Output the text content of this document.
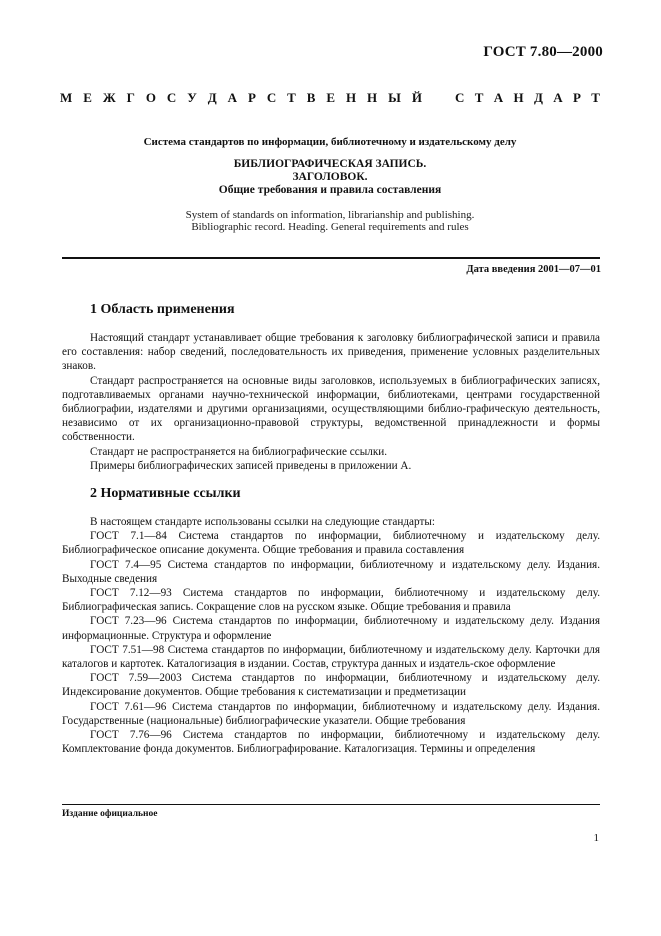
ГОСТ 7.80—2000
М Е Ж Г О С У Д А Р С Т В Е Н Н Ы Й	С Т А Н Д А Р Т
Система стандартов по информации, библиотечному и издательскому делу
БИБЛИОГРАФИЧЕСКАЯ ЗАПИСЬ.
ЗАГОЛОВОК.
Общие требования и правила составления
System of standards on information, librarianship and publishing.
Bibliographic record. Heading. General requirements and rules
Дата введения 2001—07—01
1 Область применения

Настоящий стандарт устанавливает общие требования к заголовку библиографической записи и правила его составления: набор сведений, последовательность их приведения, применение условных разделительных знаков.

Стандарт распространяется на основные виды заголовков, используемых в библиографических записях, подготавливаемых органами научно-технической информации, библиотеками, центрами государственной библиографии, издателями и другими организациями, осуществляющими библио-графическую деятельность, независимо от их организационно-правовой структуры, ведомственной принадлежности и формы собственности.

Стандарт не распространяется на библиографические ссылки.

Примеры библиографических записей приведены в приложении А.

2 Нормативные ссылки

В настоящем стандарте использованы ссылки на следующие стандарты:

ГОСТ 7.1—84 Система стандартов по информации, библиотечному и издательскому делу. Библиографическое описание документа. Общие требования и правила составления

ГОСТ 7.4—95 Система стандартов по информации, библиотечному и издательскому делу. Издания. Выходные сведения

ГОСТ 7.12—93 Система стандартов по информации, библиотечному и издательскому делу. Библиографическая запись. Сокращение слов на русском языке. Общие требования и правила

ГОСТ 7.23—96 Система стандартов по информации, библиотечному и издательскому делу. Издания информационные. Структура и оформление

ГОСТ 7.51—98 Система стандартов по информации, библиотечному и издательскому делу. Карточки для каталогов и картотек. Каталогизация в издании. Состав, структура данных и издатель-ское оформление

ГОСТ 7.59—2003 Система стандартов по информации, библиотечному и издательскому делу. Индексирование документов. Общие требования к систематизации и предметизации

ГОСТ 7.61—96 Система стандартов по информации, библиотечному и издательскому делу. Издания. Государственные (национальные) библиографические указатели. Общие требования

ГОСТ 7.76—96 Система стандартов по информации, библиотечному и издательскому делу. Комплектование фонда документов. Библиографирование. Каталогизация. Термины и определения

Издание официальное
1
